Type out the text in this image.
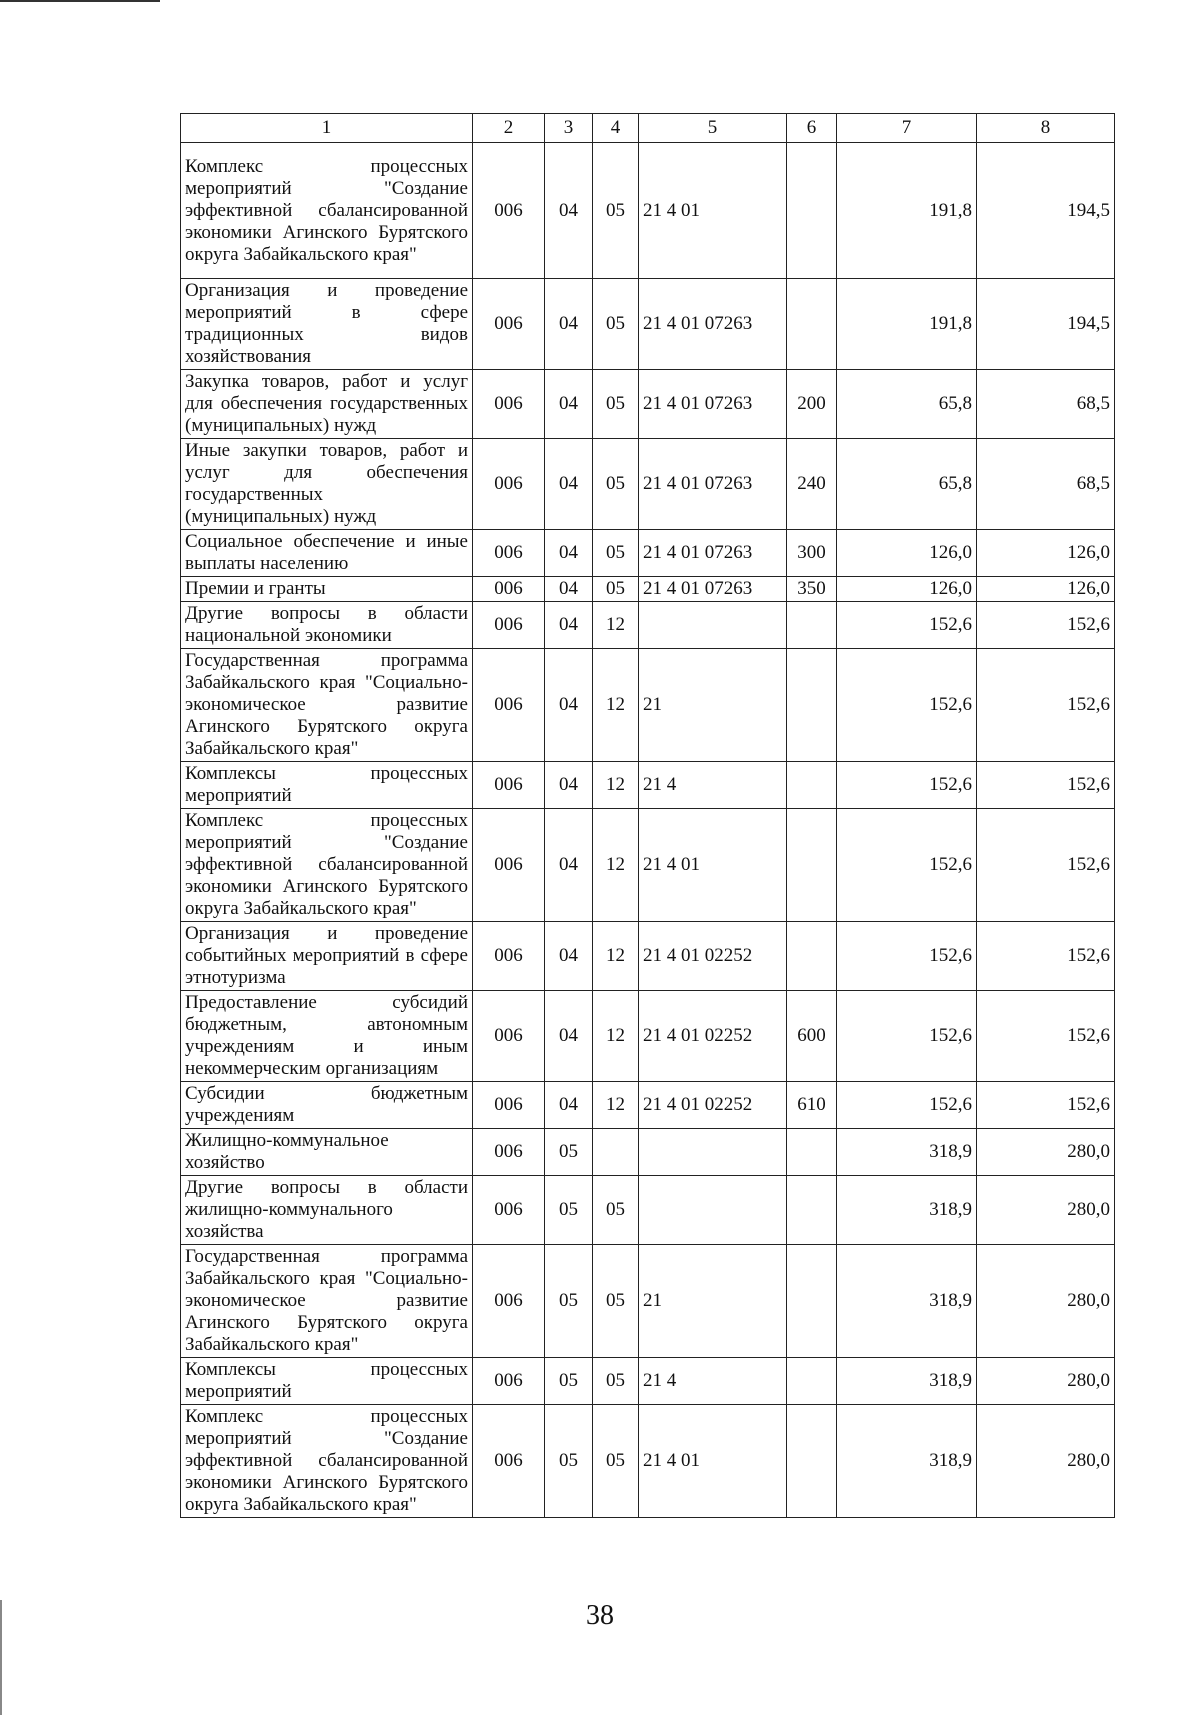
1	2	3	4	5	6	7	8
Комплекс процессных мероприятий "Создание эффективной сбалансированной экономики Агинского Бурятского округа Забайкальского края"	006	04	05	21 4 01		191,8	194,5
Организация и проведение мероприятий в сфере традиционных видов хозяйствования	006	04	05	21 4 01 07263		191,8	194,5
Закупка товаров, работ и услуг для обеспечения государственных (муниципальных) нужд	006	04	05	21 4 01 07263	200	65,8	68,5
Иные закупки товаров, работ и услуг для обеспечения государственных (муниципальных) нужд	006	04	05	21 4 01 07263	240	65,8	68,5
Социальное обеспечение и иные выплаты населению	006	04	05	21 4 01 07263	300	126,0	126,0
Премии и гранты	006	04	05	21 4 01 07263	350	126,0	126,0
Другие вопросы в области национальной экономики	006	04	12			152,6	152,6
Государственная программа Забайкальского края "Социально-экономическое развитие Агинского Бурятского округа Забайкальского края"	006	04	12	21		152,6	152,6
Комплексы процессных мероприятий	006	04	12	21 4		152,6	152,6
Комплекс процессных мероприятий "Создание эффективной сбалансированной экономики Агинского Бурятского округа Забайкальского края"	006	04	12	21 4 01		152,6	152,6
Организация и проведение событийных мероприятий в сфере этнотуризма	006	04	12	21 4 01 02252		152,6	152,6
Предоставление субсидий бюджетным, автономным учреждениям и иным некоммерческим организациям	006	04	12	21 4 01 02252	600	152,6	152,6
Субсидии бюджетным учреждениям	006	04	12	21 4 01 02252	610	152,6	152,6
Жилищно-коммунальное хозяйство	006	05				318,9	280,0
Другие вопросы в области жилищно-коммунального хозяйства	006	05	05			318,9	280,0
Государственная программа Забайкальского края "Социально-экономическое развитие Агинского Бурятского округа Забайкальского края"	006	05	05	21		318,9	280,0
Комплексы процессных мероприятий	006	05	05	21 4		318,9	280,0
Комплекс процессных мероприятий "Создание эффективной сбалансированной экономики Агинского Бурятского округа Забайкальского края"	006	05	05	21 4 01		318,9	280,0
38
